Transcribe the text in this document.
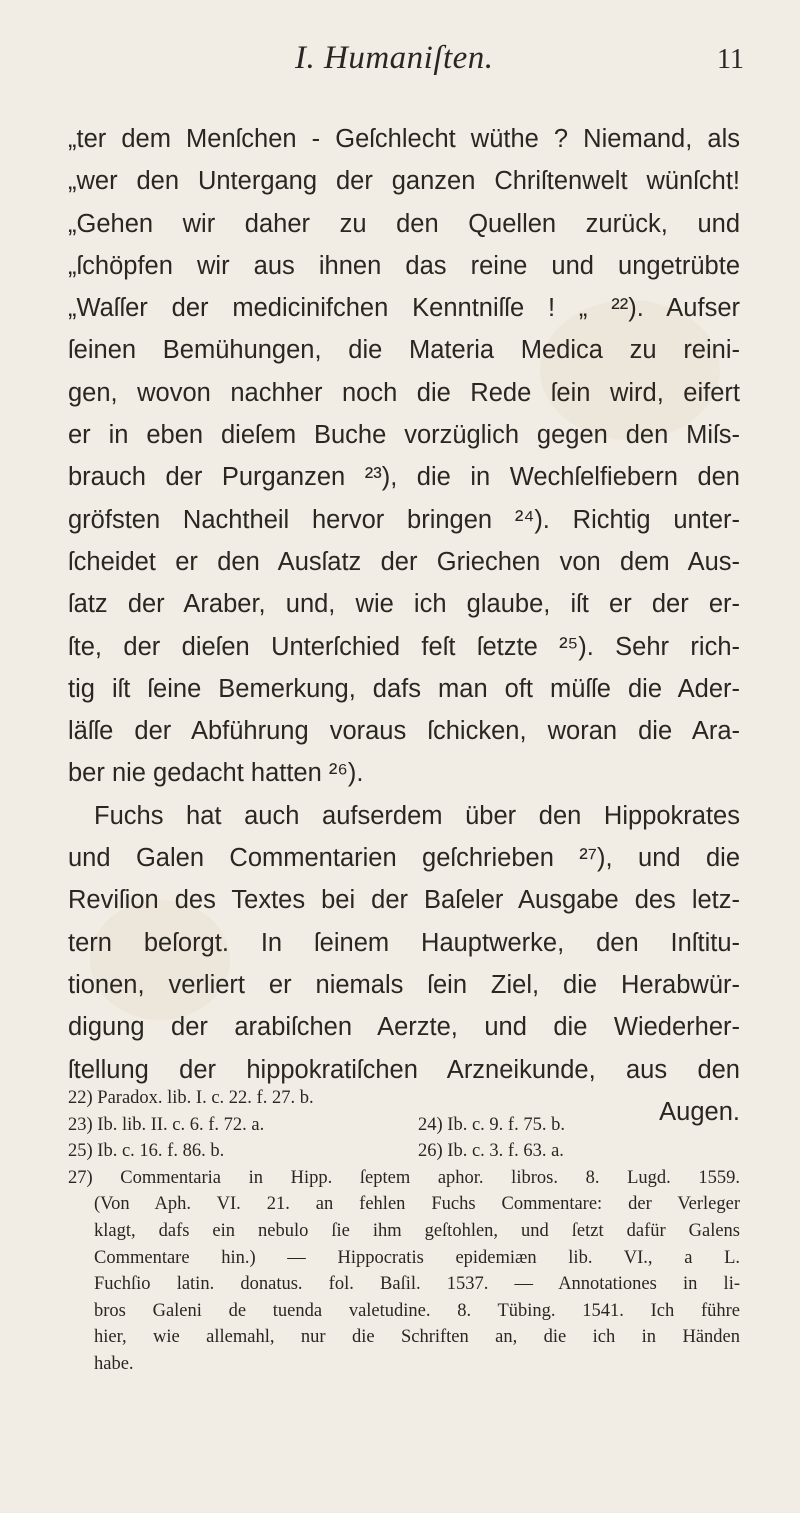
I. Humaniſten.	11
„ter dem Menſchen - Geſchlecht wüthe ? Niemand, als
„wer den Untergang der ganzen Chriſtenwelt wünſcht!
„Gehen wir daher zu den Quellen zurück, und
„ſchöpfen wir aus ihnen das reine und ungetrübte
„Waſſer der medicinifchen Kenntniſſe ! „ ²²). Aufser
ſeinen Bemühungen, die Materia Medica zu reini-
gen, wovon nachher noch die Rede ſein wird, eifert
er in eben dieſem Buche vorzüglich gegen den Miſs-
brauch der Purganzen ²³), die in Wechſelfiebern den
gröfsten Nachtheil hervor bringen ²⁴). Richtig unter-
ſcheidet er den Ausſatz der Griechen von dem Aus-
ſatz der Araber, und, wie ich glaube, iſt er der er-
ſte, der dieſen Unterſchied feſt ſetzte ²⁵). Sehr rich-
tig iſt ſeine Bemerkung, dafs man oft müſſe die Ader-
läſſe der Abführung voraus ſchicken, woran die Ara-
ber nie gedacht hatten ²⁶).
Fuchs hat auch aufserdem über den Hippokrates
und Galen Commentarien geſchrieben ²⁷), und die
Reviſion des Textes bei der Baſeler Ausgabe des letz-
tern beſorgt. In ſeinem Hauptwerke, den Inſtitu-
tionen, verliert er niemals ſein Ziel, die Herabwür-
digung der arabiſchen Aerzte, und die Wiederher-
ſtellung der hippokratiſchen Arzneikunde, aus den
Augen.
22) Paradox. lib. I. c. 22. f. 27. b.
23) Ib. lib. II. c. 6. f. 72. a.	24) Ib. c. 9. f. 75. b.
25) Ib. c. 16. f. 86. b.	26) Ib. c. 3. f. 63. a.
27) Commentaria in Hipp. ſeptem aphor. libros. 8. Lugd. 1559.
(Von Aph. VI. 21. an fehlen Fuchs Commentare: der Verleger
klagt, dafs ein nebulo ſie ihm geſtohlen, und ſetzt dafür Galens
Commentare hin.) — Hippocratis epidemiæn lib. VI., a L.
Fuchſio latin. donatus. fol. Baſil. 1537. — Annotationes in li-
bros Galeni de tuenda valetudine. 8. Tübing. 1541. Ich führe
hier, wie allemahl, nur die Schriften an, die ich in Händen
habe.
